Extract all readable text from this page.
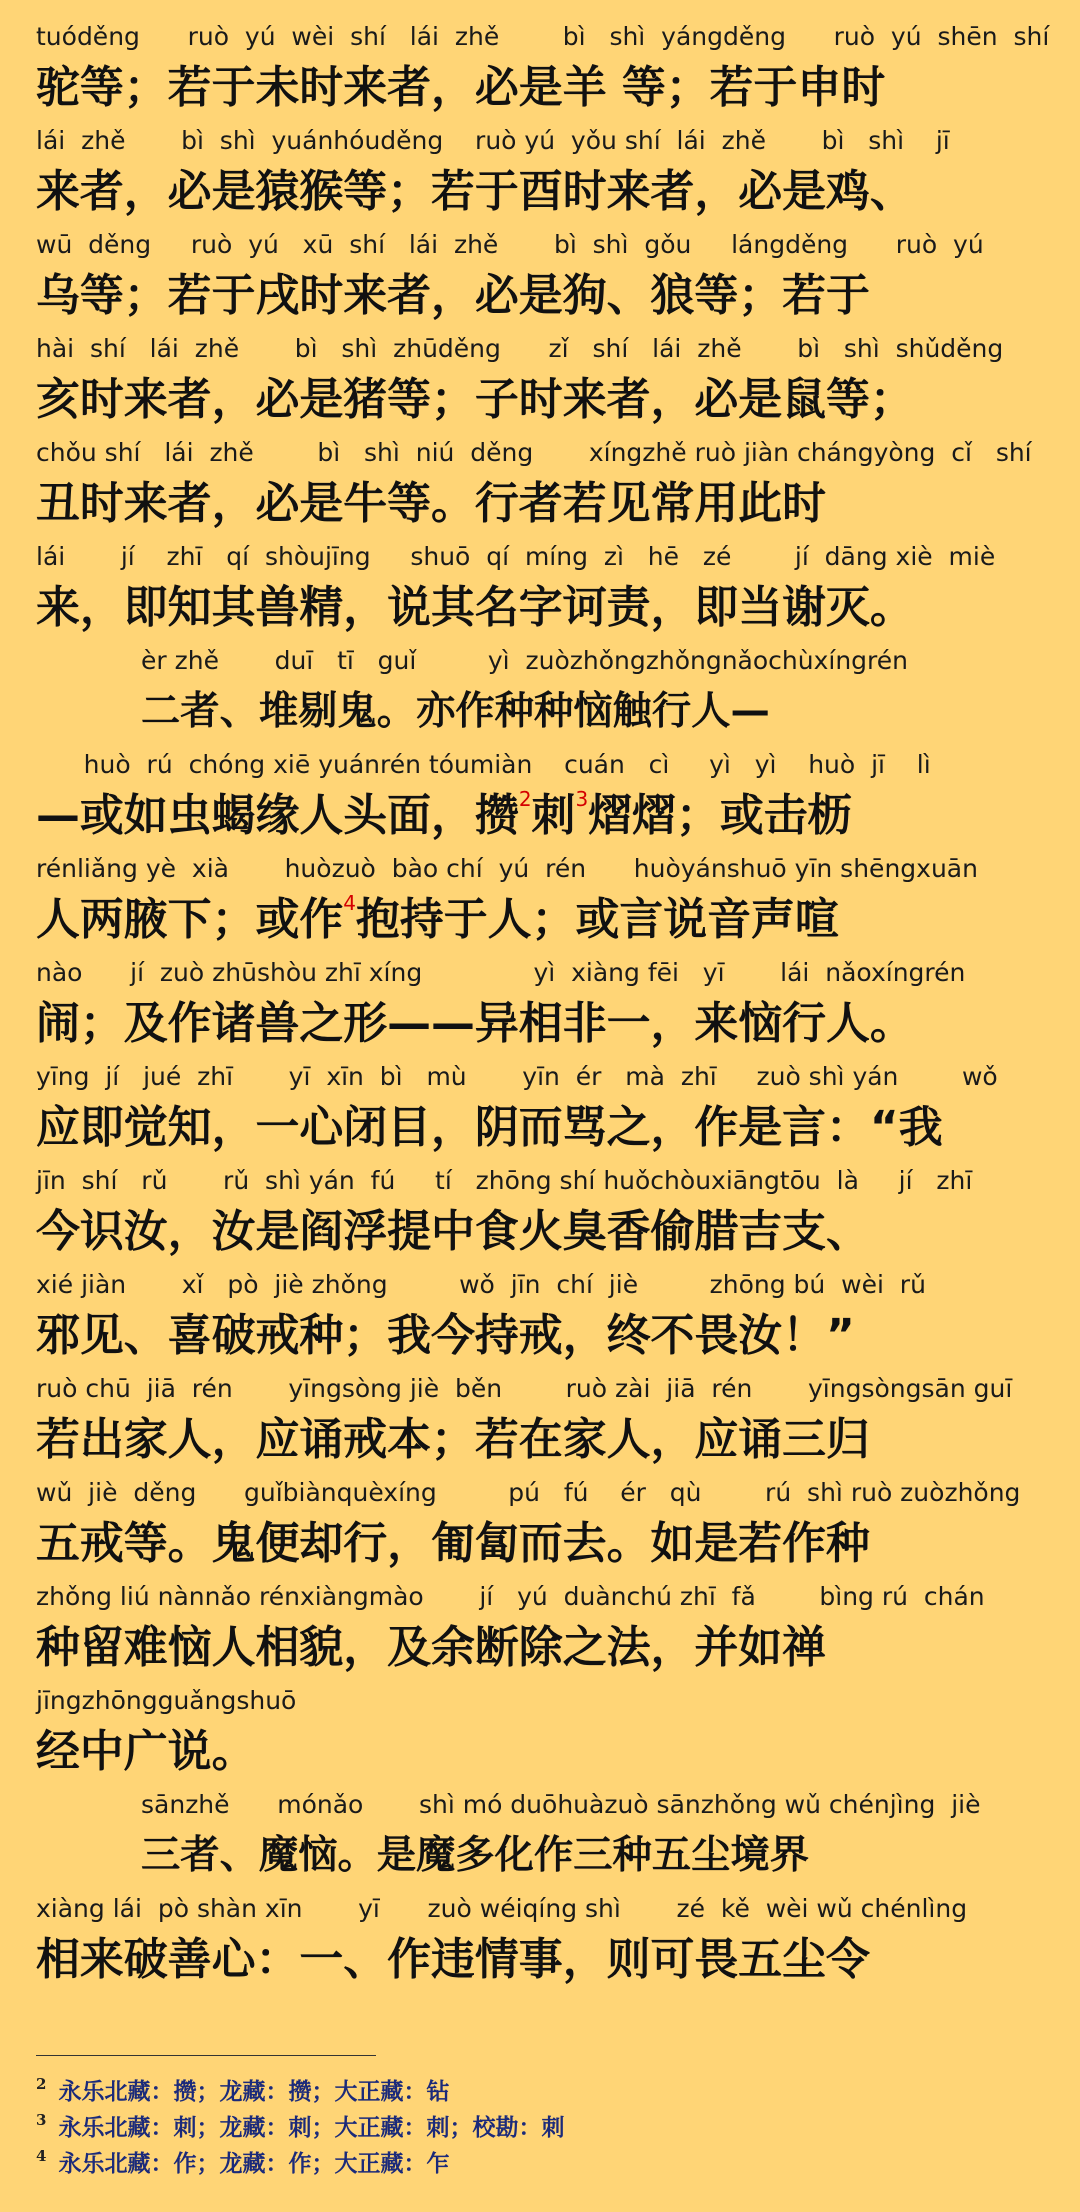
tuóděng      ruò  yú  wèi  shí   lái  zhě        bì   shì  yángděng      ruò  yú  shēn  shí
驼等；若于未时来者，必是羊 等；若于申时
lái  zhě       bì  shì  yuánhóuděng    ruò yú  yǒu shí  lái  zhě       bì   shì    jī
来者，必是猿猴等；若于酉时来者，必是鸡、
wū  děng     ruò  yú   xū  shí   lái  zhě       bì  shì  gǒu     lángděng      ruò  yú
乌等；若于戌时来者，必是狗、狼等；若于
hài  shí   lái  zhě       bì   shì  zhūděng      zǐ   shí   lái  zhě       bì   shì  shǔděng
亥时来者，必是猪等；子时来者，必是鼠等；
chǒu shí   lái  zhě        bì   shì  niú  děng       xíngzhě ruò jiàn chángyòng  cǐ   shí
丑时来者，必是牛等。行者若见常用此时
lái       jí    zhī   qí  shòujīng     shuō  qí  míng  zì   hē   zé        jí  dāng xiè  miè
来，即知其兽精，说其名字诃责，即当谢灭。
èr zhě       duī   tī   guǐ         yì  zuòzhǒngzhǒngnǎochùxíngrén
二者、堆剔鬼。亦作种种恼触行人—
huò  rú  chóng xiē yuánrén tóumiàn    cuán   cì     yì   yì    huò  jī    lì
—或如虫蝎缘人头面，攒$^2$刺$^3$熠熠；或击枥
rénliǎng yè  xià       huòzuò  bào chí  yú  rén      huòyánshuō yīn shēngxuān
人两腋下；或作$^4$抱持于人；或言说音声喧
nào      jí  zuò zhūshòu zhī xíng              yì  xiàng fēi   yī       lái  nǎoxíngrén
闹；及作诸兽之形——异相非一，来恼行人。
yīng  jí   jué  zhī       yī  xīn  bì   mù       yīn  ér   mà  zhī     zuò shì yán        wǒ
应即觉知，一心闭目，阴而骂之，作是言：“我
jīn  shí   rǔ       rǔ  shì yán  fú     tí   zhōng shí huǒchòuxiāngtōu  là     jí   zhī
今识汝，汝是阎浮提中食火臭香偷腊吉支、
xié jiàn       xǐ   pò  jiè zhǒng         wǒ  jīn  chí  jiè         zhōng bú  wèi  rǔ
邪见、喜破戒种；我今持戒，终不畏汝！”
ruò chū  jiā  rén       yīngsòng jiè  běn        ruò zài  jiā  rén       yīngsòngsān guī
若出家人，应诵戒本；若在家人，应诵三归
wǔ  jiè  děng      guǐbiànquèxíng         pú   fú    ér   qù        rú  shì ruò zuòzhǒng
五戒等。鬼便却行，匍匐而去。如是若作种
zhǒng liú nànnǎo rénxiàngmào       jí   yú  duànchú zhī  fǎ        bìng rú  chán
种留难恼人相貌，及余断除之法，并如禅
jīngzhōngguǎngshuō
经中广说。
sānzhě      mónǎo       shì mó duōhuàzuò sānzhǒng wǔ chénjìng  jiè
三者、魔恼。是魔多化作三种五尘境界
xiàng lái  pò shàn xīn       yī      zuò wéiqíng shì       zé  kě  wèi wǔ chénlìng
相来破善心：一、作违情事，则可畏五尘令
$^2$ 永乐北藏：攒；龙藏：攒；大正藏：钻
$^3$ 永乐北藏：刺；龙藏：刺；大正藏：刺；校勘：刺
$^4$ 永乐北藏：作；龙藏：作；大正藏：乍
